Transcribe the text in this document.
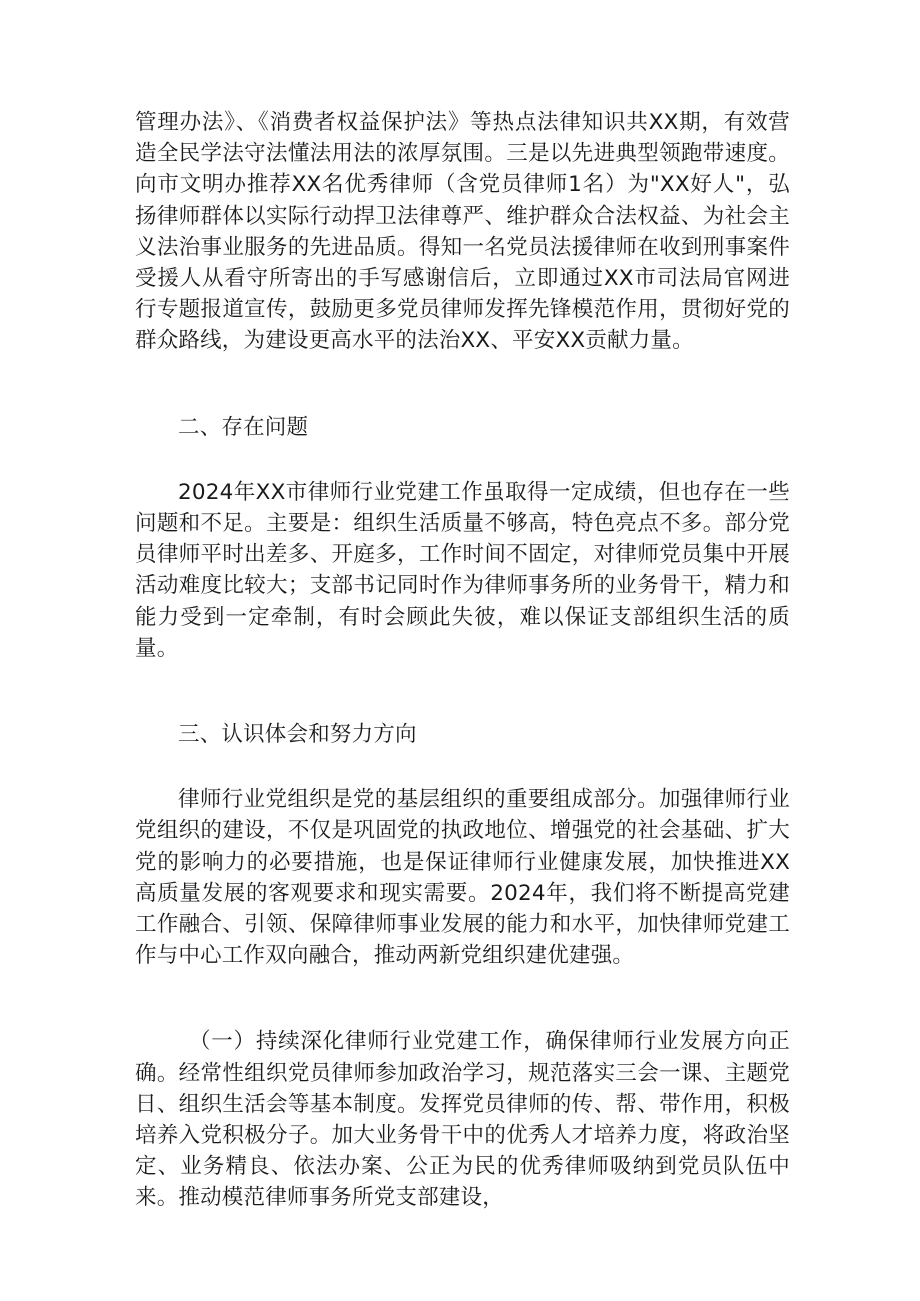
管理办法》、《消费者权益保护法》等热点法律知识共XX期，有效营造全民学法守法懂法用法的浓厚氛围。三是以先进典型领跑带速度。向市文明办推荐XX名优秀律师（含党员律师1名）为"XX好人"，弘扬律师群体以实际行动捍卫法律尊严、维护群众合法权益、为社会主义法治事业服务的先进品质。得知一名党员法援律师在收到刑事案件受援人从看守所寄出的手写感谢信后，立即通过XX市司法局官网进行专题报道宣传，鼓励更多党员律师发挥先锋模范作用，贯彻好党的群众路线，为建设更高水平的法治XX、平安XX贡献力量。

二、存在问题

2024年XX市律师行业党建工作虽取得一定成绩，但也存在一些问题和不足。主要是：组织生活质量不够高，特色亮点不多。部分党员律师平时出差多、开庭多，工作时间不固定，对律师党员集中开展活动难度比较大；支部书记同时作为律师事务所的业务骨干，精力和能力受到一定牵制，有时会顾此失彼，难以保证支部组织生活的质量。

三、认识体会和努力方向

律师行业党组织是党的基层组织的重要组成部分。加强律师行业党组织的建设，不仅是巩固党的执政地位、增强党的社会基础、扩大党的影响力的必要措施，也是保证律师行业健康发展，加快推进XX高质量发展的客观要求和现实需要。2024年，我们将不断提高党建工作融合、引领、保障律师事业发展的能力和水平，加快律师党建工作与中心工作双向融合，推动两新党组织建优建强。

（一）持续深化律师行业党建工作，确保律师行业发展方向正确。经常性组织党员律师参加政治学习，规范落实三会一课、主题党日、组织生活会等基本制度。发挥党员律师的传、帮、带作用，积极培养入党积极分子。加大业务骨干中的优秀人才培养力度，将政治坚定、业务精良、依法办案、公正为民的优秀律师吸纳到党员队伍中来。推动模范律师事务所党支部建设，
